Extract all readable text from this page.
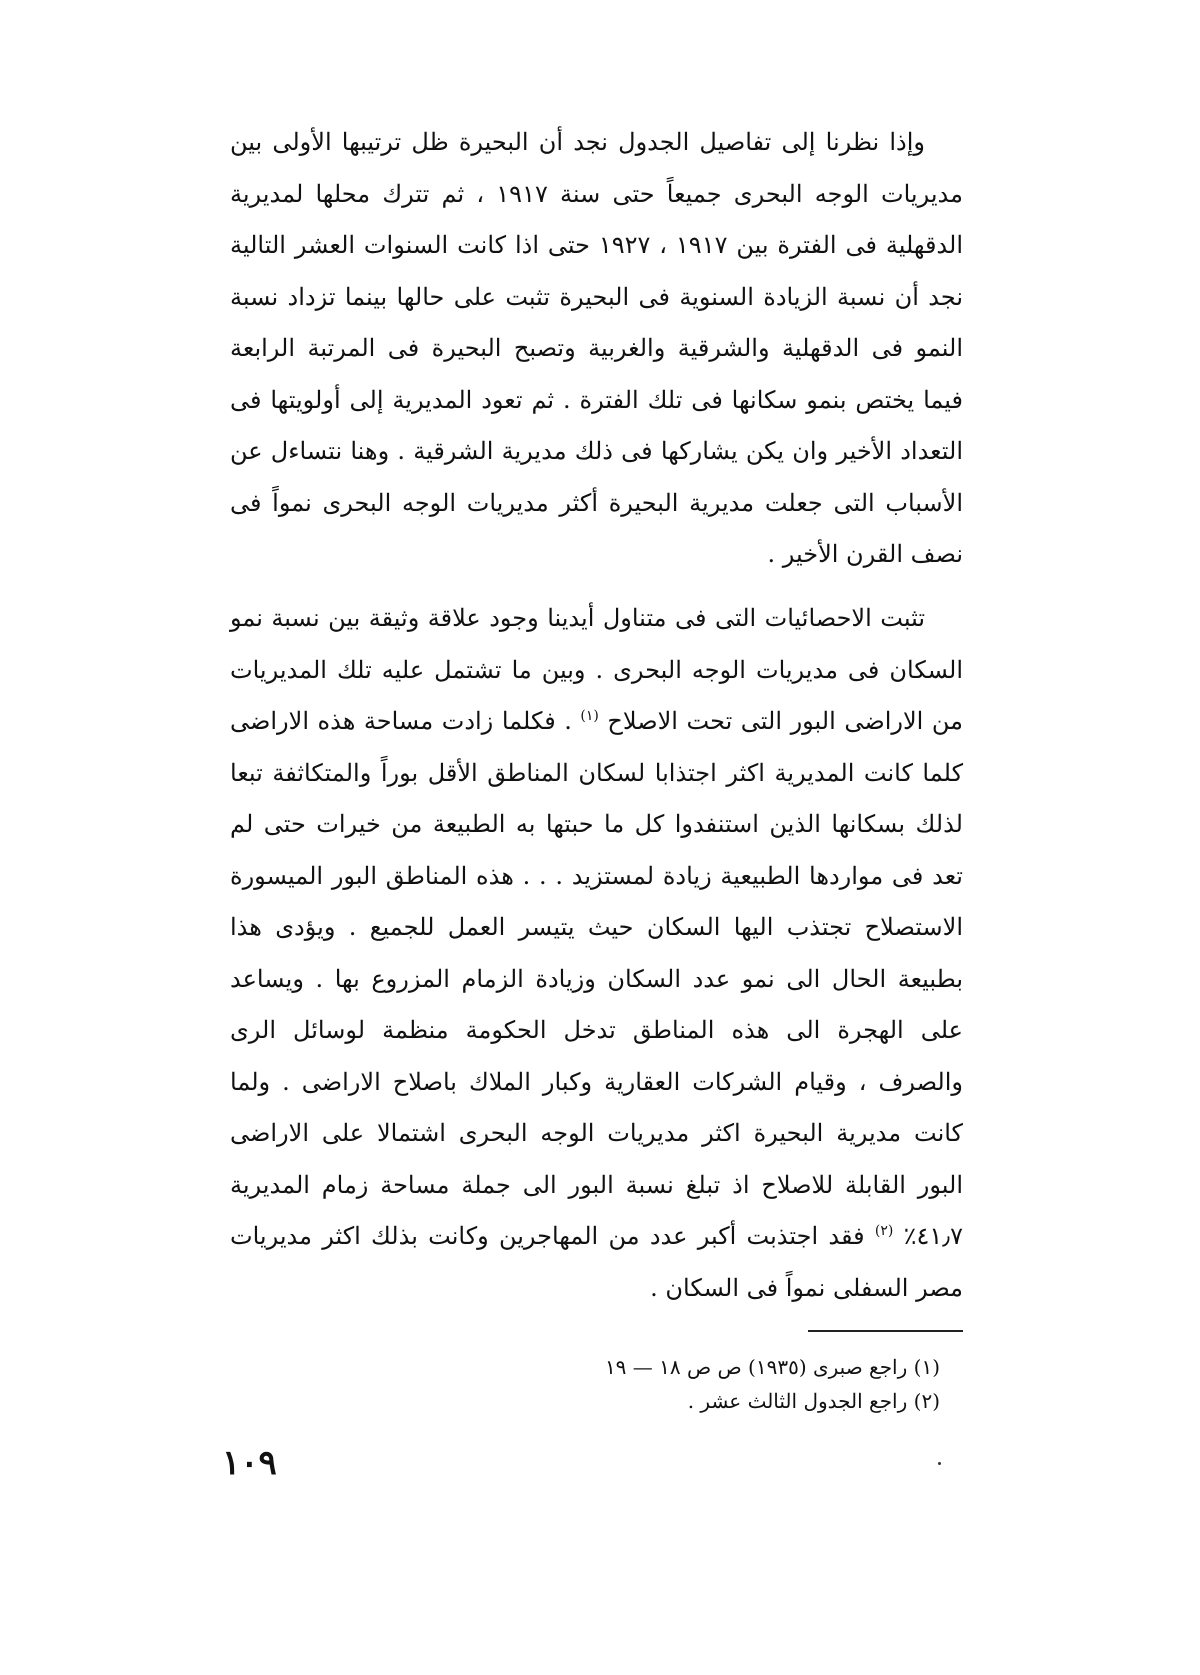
وإذا نظرنا إلى تفاصيل الجدول نجد أن البحيرة ظل ترتيبها الأولى بين مديريات الوجه البحرى جميعاً حتى سنة ١٩١٧ ، ثم تترك محلها لمديرية الدقهلية فى الفترة بين ١٩١٧ ، ١٩٢٧ حتى اذا كانت السنوات العشر التالية نجد أن نسبة الزيادة السنوية فى البحيرة تثبت على حالها بينما تزداد نسبة النمو فى الدقهلية والشرقية والغربية وتصبح البحيرة فى المرتبة الرابعة فيما يختص بنمو سكانها فى تلك الفترة . ثم تعود المديرية إلى أولويتها فى التعداد الأخير وان يكن يشاركها فى ذلك مديرية الشرقية . وهنا نتساءل عن الأسباب التى جعلت مديرية البحيرة أكثر مديريات الوجه البحرى نمواً فى نصف القرن الأخير .

تثبت الاحصائيات التى فى متناول أيدينا وجود علاقة وثيقة بين نسبة نمو السكان فى مديريات الوجه البحرى . وبين ما تشتمل عليه تلك المديريات من الاراضى البور التى تحت الاصلاح $^{(١)}$ . فكلما زادت مساحة هذه الاراضى كلما كانت المديرية اكثر اجتذابا لسكان المناطق الأقل بوراً والمتكاثفة تبعا لذلك بسكانها الذين استنفدوا كل ما حبتها به الطبيعة من خيرات حتى لم تعد فى مواردها الطبيعية زيادة لمستزيد . . . هذه المناطق البور الميسورة الاستصلاح تجتذب اليها السكان حيث يتيسر العمل للجميع . ويؤدى هذا بطبيعة الحال الى نمو عدد السكان وزيادة الزمام المزروع بها . ويساعد على الهجرة الى هذه المناطق تدخل الحكومة منظمة لوسائل الرى والصرف ، وقيام الشركات العقارية وكبار الملاك باصلاح الاراضى . ولما كانت مديرية البحيرة اكثر مديريات الوجه البحرى اشتمالا على الاراضى البور القابلة للاصلاح اذ تبلغ نسبة البور الى جملة مساحة زمام المديرية ٤١٫٧٪ $^{(٢)}$ فقد اجتذبت أكبر عدد من المهاجرين وكانت بذلك اكثر مديريات مصر السفلى نمواً فى السكان .

(١) راجع صبرى (١٩٣٥) ص ص ١٨ — ١٩
(٢) راجع الجدول الثالث عشر .
١٠٩
